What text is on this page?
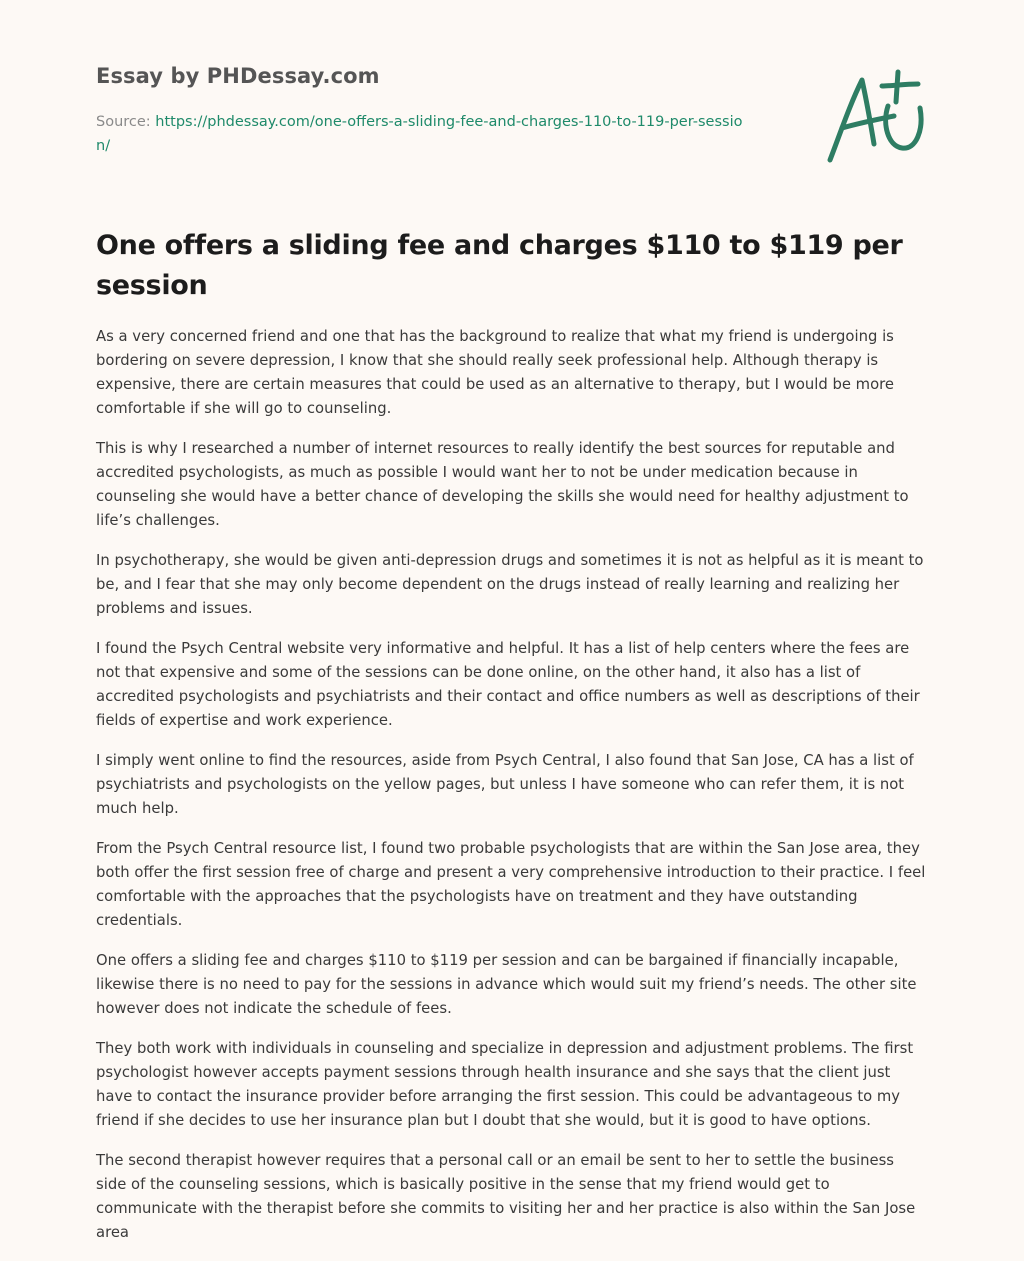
Essay by PHDessay.com
Source: https://phdessay.com/one-offers-a-sliding-fee-and-charges-110-to-119-per-session/
One offers a sliding fee and charges $110 to $119 per session

As a very concerned friend and one that has the background to realize that what my friend is undergoing is bordering on severe depression, I know that she should really seek professional help. Although therapy is expensive, there are certain measures that could be used as an alternative to therapy, but I would be more comfortable if she will go to counseling.

This is why I researched a number of internet resources to really identify the best sources for reputable and accredited psychologists, as much as possible I would want her to not be under medication because in counseling she would have a better chance of developing the skills she would need for healthy adjustment to life’s challenges.

In psychotherapy, she would be given anti-depression drugs and sometimes it is not as helpful as it is meant to be, and I fear that she may only become dependent on the drugs instead of really learning and realizing her problems and issues.

I found the Psych Central website very informative and helpful. It has a list of help centers where the fees are not that expensive and some of the sessions can be done online, on the other hand, it also has a list of accredited psychologists and psychiatrists and their contact and office numbers as well as descriptions of their fields of expertise and work experience.

I simply went online to find the resources, aside from Psych Central, I also found that San Jose, CA has a list of psychiatrists and psychologists on the yellow pages, but unless I have someone who can refer them, it is not much help.

From the Psych Central resource list, I found two probable psychologists that are within the San Jose area, they both offer the first session free of charge and present a very comprehensive introduction to their practice. I feel comfortable with the approaches that the psychologists have on treatment and they have outstanding credentials.

One offers a sliding fee and charges $110 to $119 per session and can be bargained if financially incapable, likewise there is no need to pay for the sessions in advance which would suit my friend’s needs. The other site however does not indicate the schedule of fees.

They both work with individuals in counseling and specialize in depression and adjustment problems. The first psychologist however accepts payment sessions through health insurance and she says that the client just have to contact the insurance provider before arranging the first session. This could be advantageous to my friend if she decides to use her insurance plan but I doubt that she would, but it is good to have options.

The second therapist however requires that a personal call or an email be sent to her to settle the business side of the counseling sessions, which is basically positive in the sense that my friend would get to communicate with the therapist before she commits to visiting her and her practice is also within the San Jose area
